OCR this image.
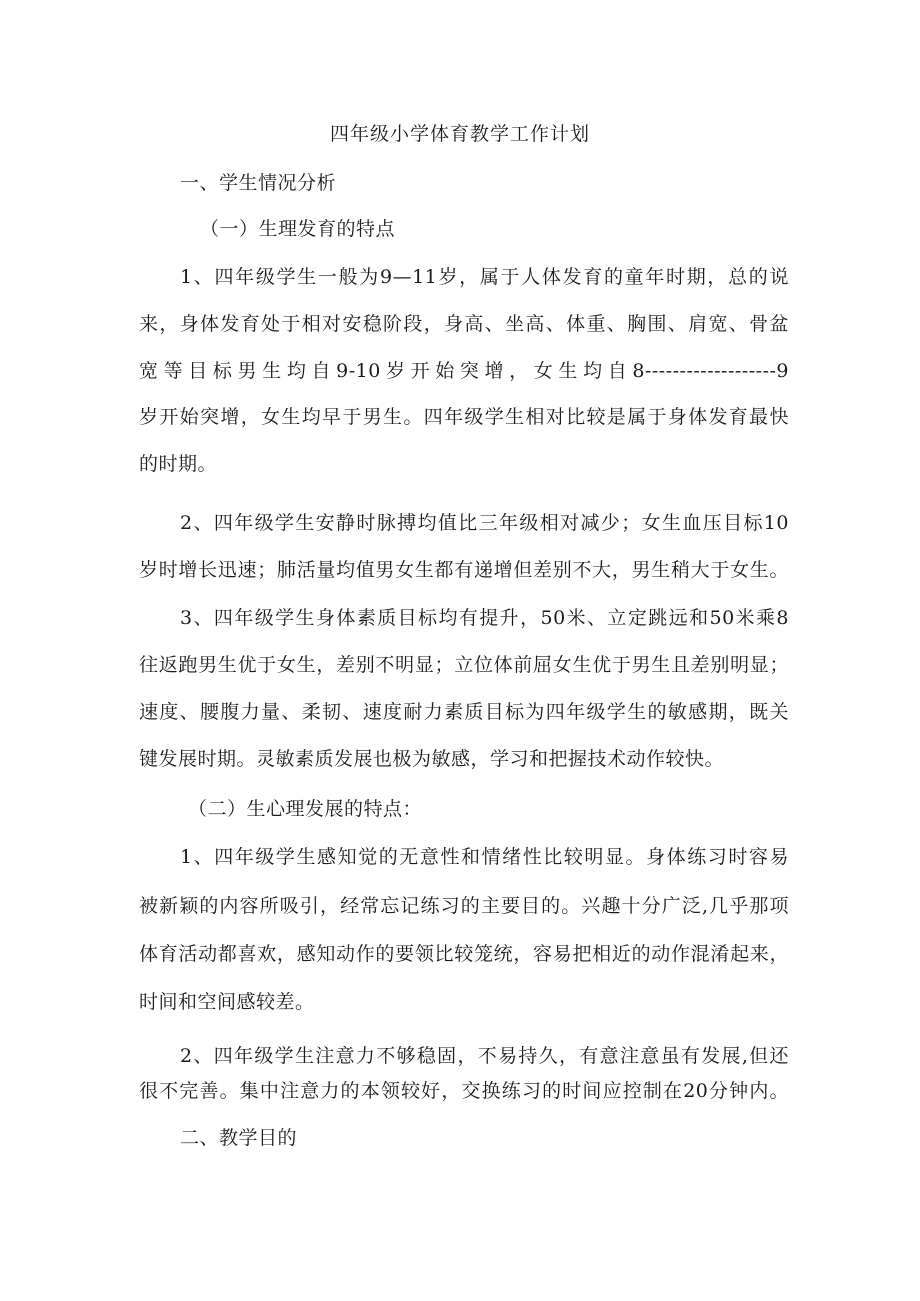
四年级小学体育教学工作计划
一、学生情况分析
（一）生理发育的特点
1、四年级学生一般为9—11岁，属于人体发育的童年时期，总的说
来，身体发育处于相对安稳阶段，身高、坐高、体重、胸围、肩宽、骨盆
宽等目标男生均自9-10岁开始突增，女生均自8-------------------9
岁开始突增，女生均早于男生。四年级学生相对比较是属于身体发育最快
的时期。
2、四年级学生安静时脉搏均值比三年级相对减少；女生血压目标10
岁时增长迅速；肺活量均值男女生都有递增但差别不大，男生稍大于女生。
3、四年级学生身体素质目标均有提升，50米、立定跳远和50米乘8
往返跑男生优于女生，差别不明显；立位体前屈女生优于男生且差别明显；
速度、腰腹力量、柔韧、速度耐力素质目标为四年级学生的敏感期，既关
键发展时期。灵敏素质发展也极为敏感，学习和把握技术动作较快。
（二）生心理发展的特点：
1、四年级学生感知觉的无意性和情绪性比较明显。身体练习时容易
被新颖的内容所吸引，经常忘记练习的主要目的。兴趣十分广泛,几乎那项
体育活动都喜欢，感知动作的要领比较笼统，容易把相近的动作混淆起来，
时间和空间感较差。
2、四年级学生注意力不够稳固，不易持久，有意注意虽有发展,但还
很不完善。集中注意力的本领较好，交换练习的时间应控制在20分钟内。
二、教学目的
